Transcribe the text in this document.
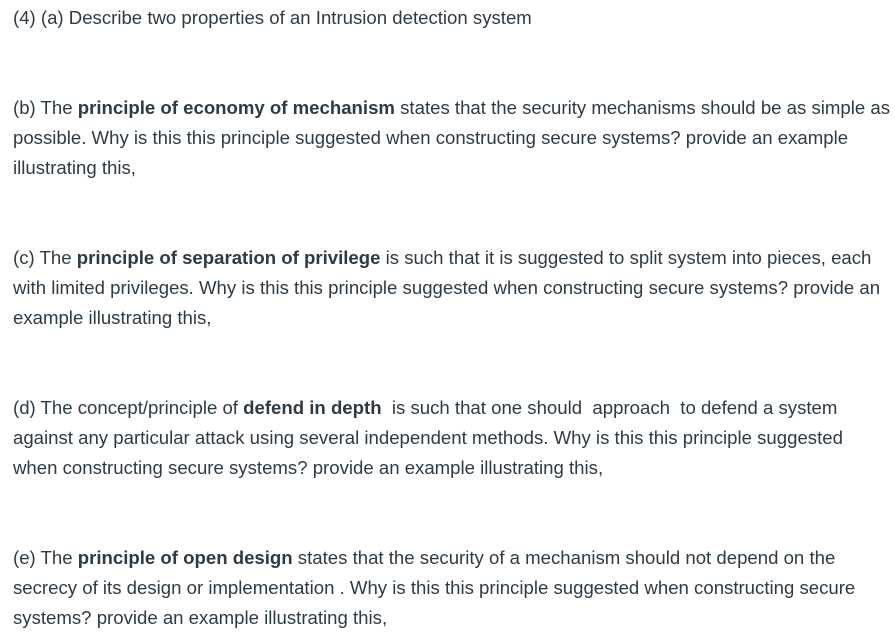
(4) (a) Describe two properties of an Intrusion detection system

(b) The principle of economy of mechanism states that the security mechanisms should be as simple as possible. Why is this this principle suggested when constructing secure systems? provide an example illustrating this,

(c) The principle of separation of privilege is such that it is suggested to split system into pieces, each with limited privileges. Why is this this principle suggested when constructing secure systems? provide an example illustrating this,

(d) The concept/principle of defend in depth  is such that one should  approach  to defend a system against any particular attack using several independent methods. Why is this this principle suggested when constructing secure systems? provide an example illustrating this,

(e) The principle of open design states that the security of a mechanism should not depend on the secrecy of its design or implementation . Why is this this principle suggested when constructing secure systems? provide an example illustrating this,
